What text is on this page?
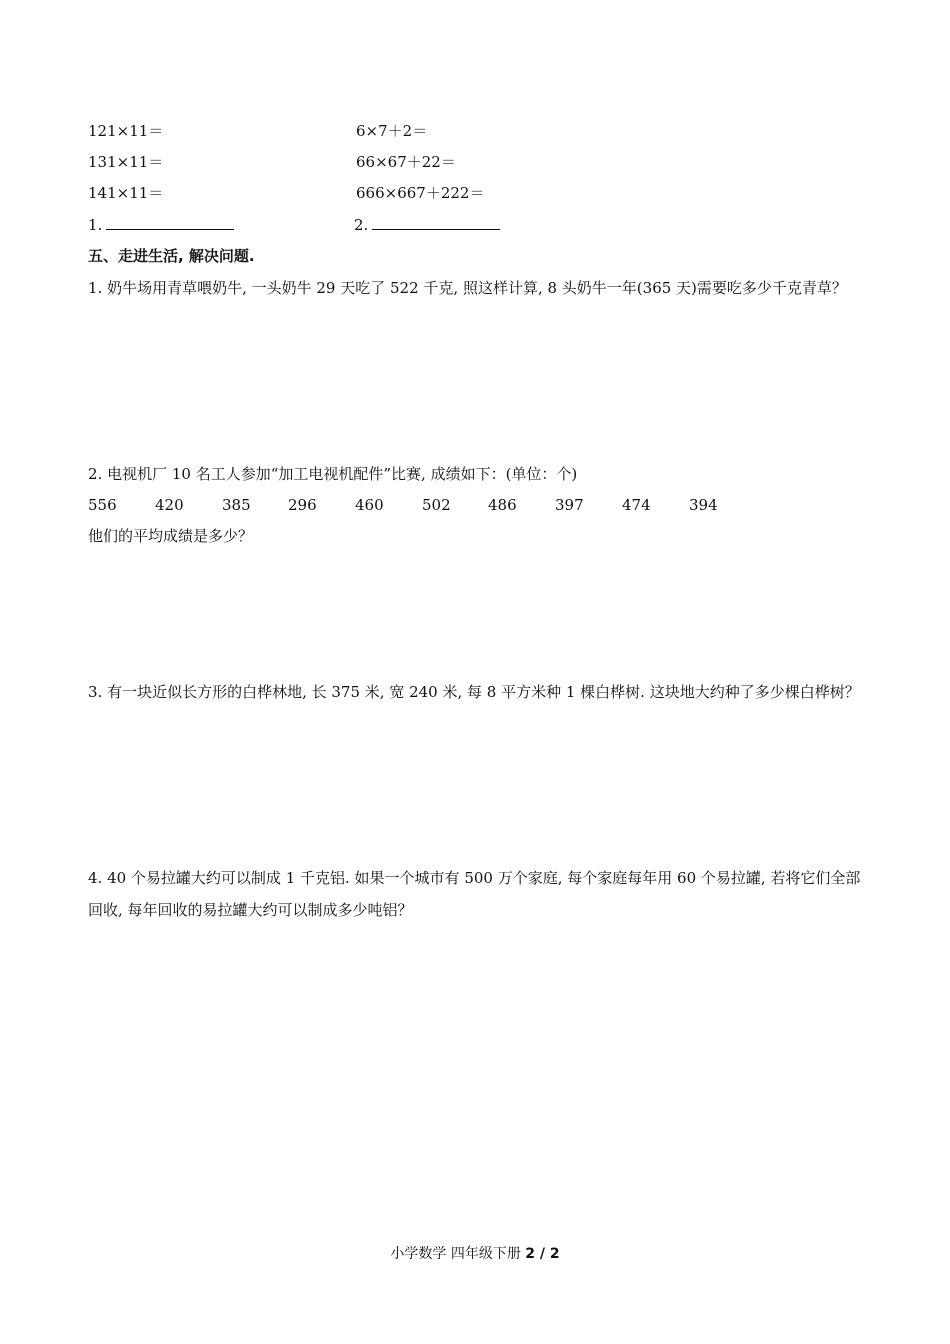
121×11＝	6×7＋2＝
131×11＝	66×67＋22＝
141×11＝	666×667＋222＝
1.	2.
五、走进生活, 解决问题.
1. 奶牛场用青草喂奶牛, 一头奶牛 29 天吃了 522 千克, 照这样计算, 8 头奶牛一年(365 天)需要吃多少千克青草？
2. 电视机厂 10 名工人参加“加工电视机配件”比赛, 成绩如下：(单位：个)
556	420	385 296	460	502 486	397	474	394
他们的平均成绩是多少？
3. 有一块近似长方形的白桦林地, 长 375 米, 宽 240 米, 每 8 平方米种 1 棵白桦树. 这块地大约种了多少棵白桦树？
4. 40 个易拉罐大约可以制成 1 千克铝. 如果一个城市有 500 万个家庭, 每个家庭每年用 60 个易拉罐, 若将它们全部回收, 每年回收的易拉罐大约可以制成多少吨铝？
小学数学 四年级下册 2 / 2
